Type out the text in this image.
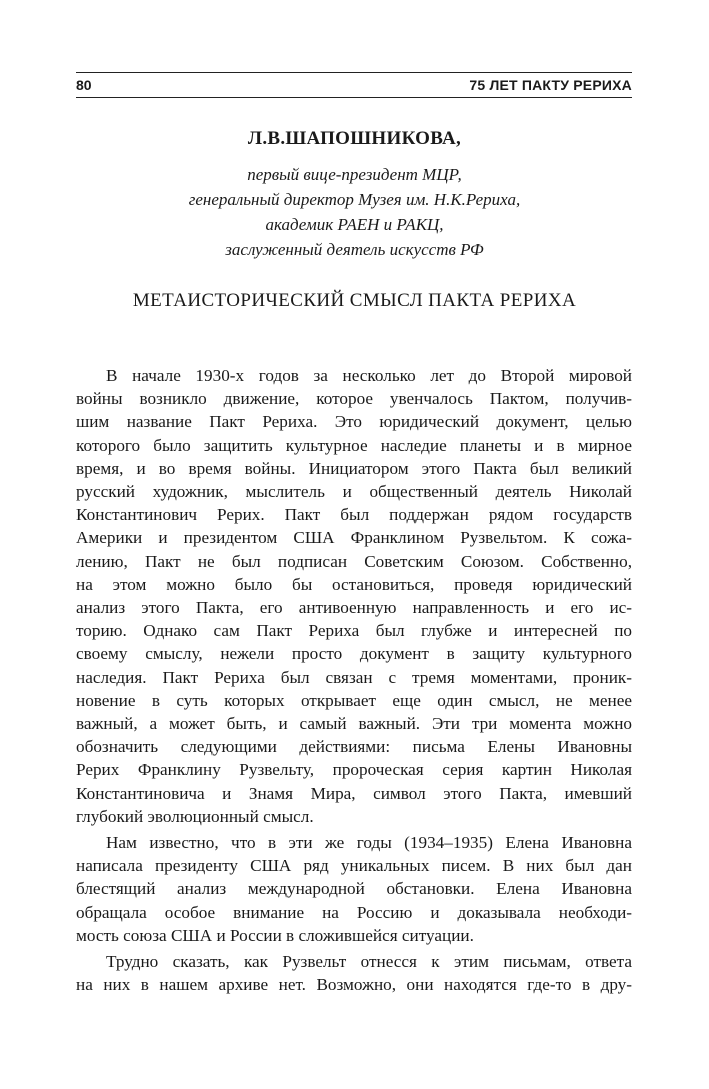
80	75 ЛЕТ ПАКТУ РЕРИХА
Л.В.ШАПОШНИКОВА,
первый вице-президент МЦР,
генеральный директор Музея им. Н.К.Рериха,
академик РАЕН и РАКЦ,
заслуженный деятель искусств РФ
МЕТАИСТОРИЧЕСКИЙ СМЫСЛ ПАКТА РЕРИХА
В начале 1930-х годов за несколько лет до Второй мировой
войны возникло движение, которое увенчалось Пактом, получив-
шим название Пакт Рериха. Это юридический документ, целью
которого было защитить культурное наследие планеты и в мирное
время, и во время войны. Инициатором этого Пакта был великий
русский художник, мыслитель и общественный деятель Николай
Константинович Рерих. Пакт был поддержан рядом государств
Америки и президентом США Франклином Рузвельтом. К сожа-
лению, Пакт не был подписан Советским Союзом. Собственно,
на этом можно было бы остановиться, проведя юридический
анализ этого Пакта, его антивоенную направленность и его ис-
торию. Однако сам Пакт Рериха был глубже и интересней по
своему смыслу, нежели просто документ в защиту культурного
наследия. Пакт Рериха был связан с тремя моментами, проник-
новение в суть которых открывает еще один смысл, не менее
важный, а может быть, и самый важный. Эти три момента можно
обозначить следующими действиями: письма Елены Ивановны
Рерих Франклину Рузвельту, пророческая серия картин Николая
Константиновича и Знамя Мира, символ этого Пакта, имевший
глубокий эволюционный смысл.
Нам известно, что в эти же годы (1934–1935) Елена Ивановна
написала президенту США ряд уникальных писем. В них был дан
блестящий анализ международной обстановки. Елена Ивановна
обращала особое внимание на Россию и доказывала необходи-
мость союза США и России в сложившейся ситуации.
Трудно сказать, как Рузвельт отнесся к этим письмам, ответа
на них в нашем архиве нет. Возможно, они находятся где-то в дру-
